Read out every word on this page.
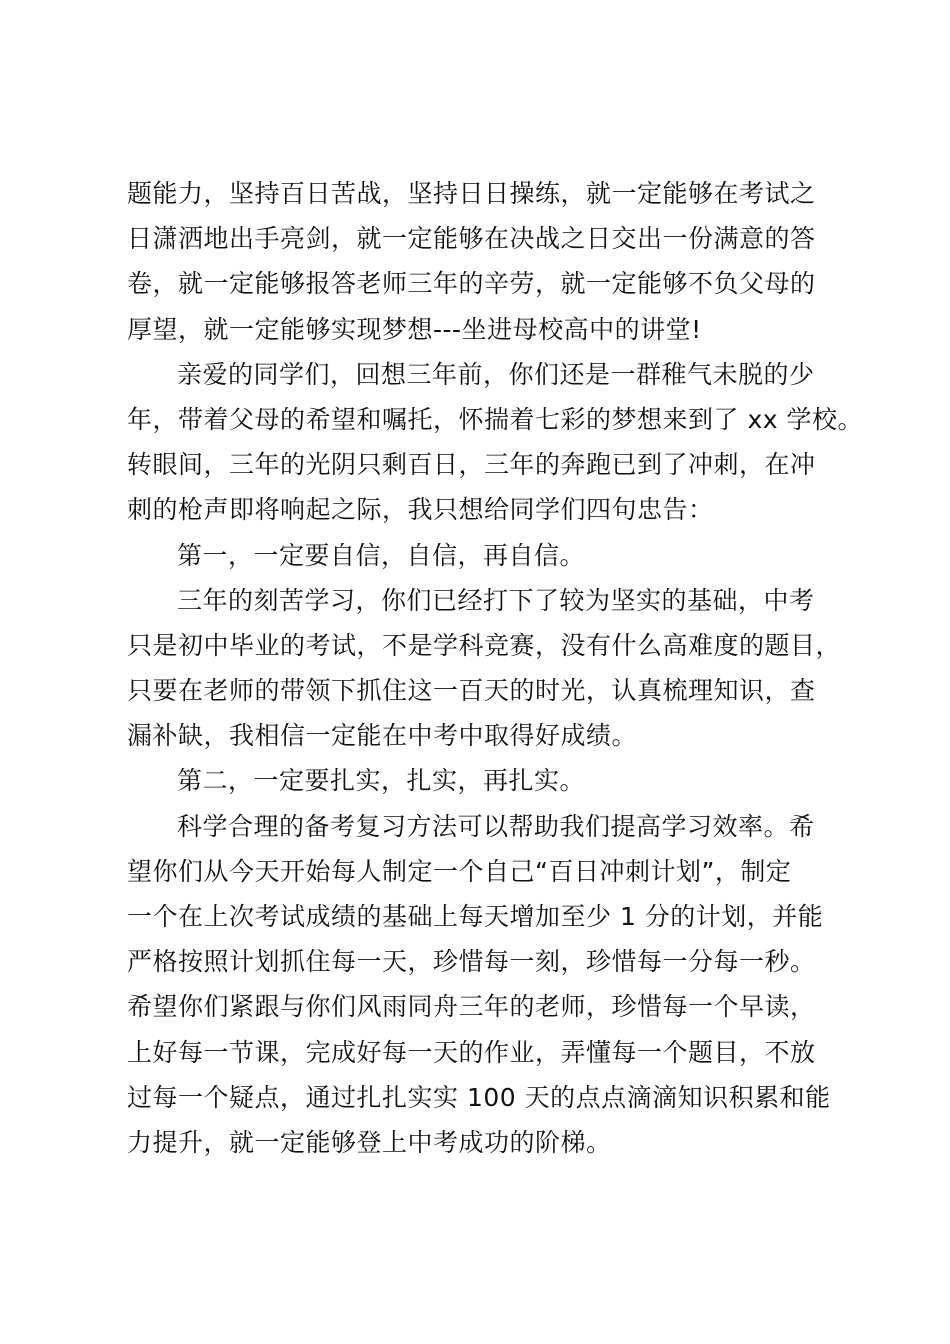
题能力，坚持百日苦战，坚持日日操练，就一定能够在考试之
日潇洒地出手亮剑，就一定能够在决战之日交出一份满意的答
卷，就一定能够报答老师三年的辛劳，就一定能够不负父母的
厚望，就一定能够实现梦想---坐进母校高中的讲堂!
亲爱的同学们，回想三年前，你们还是一群稚气未脱的少
年，带着父母的希望和嘱托，怀揣着七彩的梦想来到了 xx 学校。
转眼间，三年的光阴只剩百日，三年的奔跑已到了冲刺，在冲
刺的枪声即将响起之际，我只想给同学们四句忠告：
第一，一定要自信，自信，再自信。
三年的刻苦学习，你们已经打下了较为坚实的基础，中考
只是初中毕业的考试，不是学科竞赛，没有什么高难度的题目，
只要在老师的带领下抓住这一百天的时光，认真梳理知识，查
漏补缺，我相信一定能在中考中取得好成绩。
第二，一定要扎实，扎实，再扎实。
科学合理的备考复习方法可以帮助我们提高学习效率。希
望你们从今天开始每人制定一个自己“百日冲刺计划”，制定
一个在上次考试成绩的基础上每天增加至少 1 分的计划，并能
严格按照计划抓住每一天，珍惜每一刻，珍惜每一分每一秒。
希望你们紧跟与你们风雨同舟三年的老师，珍惜每一个早读，
上好每一节课，完成好每一天的作业，弄懂每一个题目，不放
过每一个疑点，通过扎扎实实 100 天的点点滴滴知识积累和能
力提升，就一定能够登上中考成功的阶梯。
